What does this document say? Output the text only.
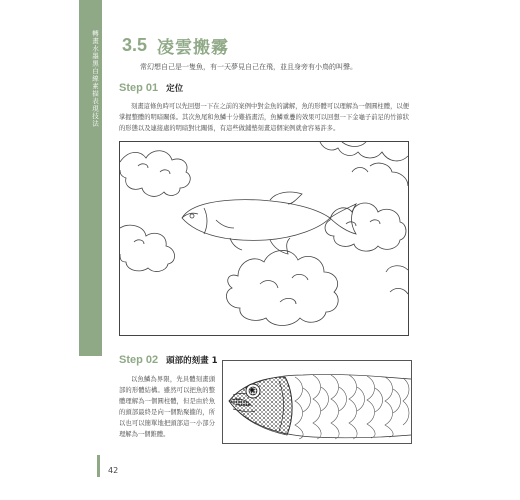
轉畫水墨黑白線素描表現技法 3.5 凌雲搬霧
常幻想自己是一隻魚，有一天夢見自己在飛，並且身旁有小鳥的叫聲。
Step 01 定位
刻畫這條魚時可以先回想一下在之前的案例中對金魚的講解，魚的形體可以理解為一個圓柱體，以便掌握整體的明暗關係。其次魚尾和魚鱗十分難描畫活，魚鱗重疊的效果可以回想一下金龜子前足的竹節狀的形態以及連接處的明暗對比關係，有這些做鋪墊刻畫這個案例就會容易許多。
Step 02 頭部的刻畫 1
以魚鱗為界限，先具體刻畫頭部的形體結構。雖然可以把魚的整體理解為一個圓柱體，但是由於魚的頭部最終是向一個點聚攏的，所以也可以簡單地把頭部這一小部分理解為一個錐體。
42
